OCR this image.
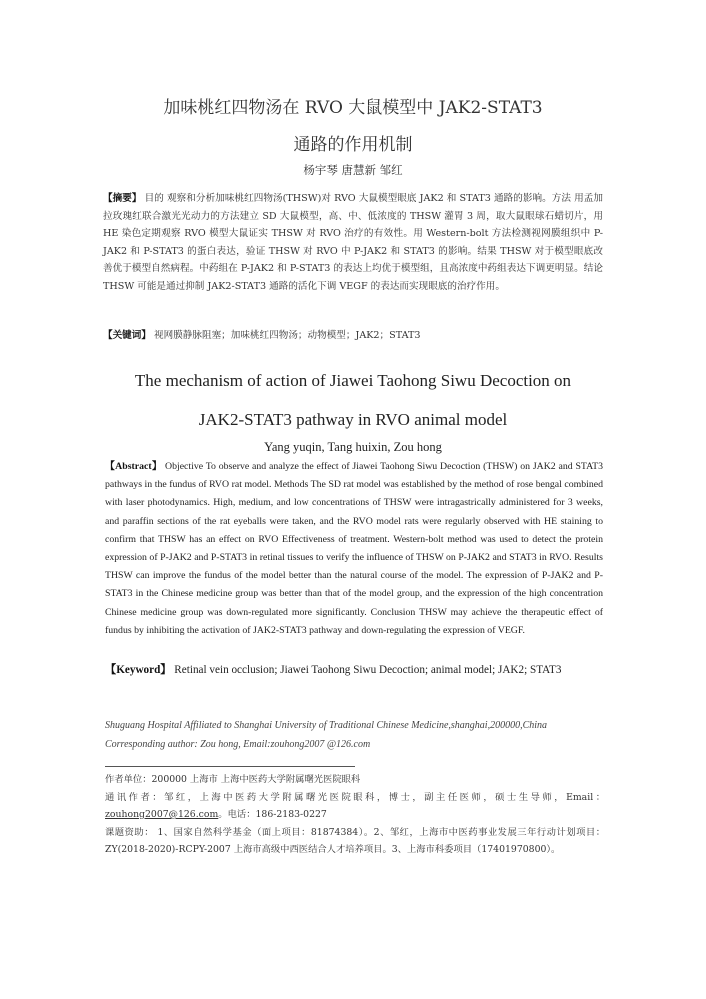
加味桃红四物汤在 RVO 大鼠模型中 JAK2-STAT3
通路的作用机制
杨宇琴 唐慧新 邹红
【摘要】 目的 观察和分析加味桃红四物汤(THSW)对 RVO 大鼠模型眼底 JAK2 和 STAT3 通路的影响。方法 用孟加拉玫瑰红联合激光光动力的方法建立 SD 大鼠模型，高、中、低浓度的 THSW 灌胃 3 周，取大鼠眼球石蜡切片，用 HE 染色定期观察 RVO 模型大鼠证实 THSW 对 RVO 治疗的有效性。用 Western-bolt 方法检测视网膜组织中 P-JAK2 和 P-STAT3 的蛋白表达，验证 THSW 对 RVO 中 P-JAK2 和 STAT3 的影响。结果 THSW 对于模型眼底改善优于模型自然病程。中药组在 P-JAK2 和 P-STAT3 的表达上均优于模型组，且高浓度中药组表达下调更明显。结论 THSW 可能是通过抑制 JAK2-STAT3 通路的活化下调 VEGF 的表达而实现眼底的治疗作用。
【关键词】 视网膜静脉阻塞；加味桃红四物汤；动物模型；JAK2；STAT3
The mechanism of action of Jiawei Taohong Siwu Decoction on
JAK2-STAT3 pathway in RVO animal model
Yang yuqin, Tang huixin, Zou hong
【Abstract】 Objective To observe and analyze the effect of Jiawei Taohong Siwu Decoction (THSW) on JAK2 and STAT3 pathways in the fundus of RVO rat model. Methods The SD rat model was established by the method of rose bengal combined with laser photodynamics. High, medium, and low concentrations of THSW were intragastrically administered for 3 weeks, and paraffin sections of the rat eyeballs were taken, and the RVO model rats were regularly observed with HE staining to confirm that THSW has an effect on RVO Effectiveness of treatment. Western-bolt method was used to detect the protein expression of P-JAK2 and P-STAT3 in retinal tissues to verify the influence of THSW on P-JAK2 and STAT3 in RVO. Results THSW can improve the fundus of the model better than the natural course of the model. The expression of P-JAK2 and P-STAT3 in the Chinese medicine group was better than that of the model group, and the expression of the high concentration Chinese medicine group was down-regulated more significantly. Conclusion THSW may achieve the therapeutic effect of fundus by inhibiting the activation of JAK2-STAT3 pathway and down-regulating the expression of VEGF.
【Keyword】 Retinal vein occlusion; Jiawei Taohong Siwu Decoction; animal model; JAK2; STAT3
Shuguang Hospital Affiliated to Shanghai University of Traditional Chinese Medicine,shanghai,200000,China
Corresponding author: Zou hong, Email:zouhong2007 @126.com
作者单位：200000 上海市 上海中医药大学附属曙光医院眼科
通讯作者：邹红，上海中医药大学附属曙光医院眼科，博士，副主任医师，硕士生导师，Email：zouhong2007@126.com。电话：186-2183-0227
课题资助： 1、国家自然科学基金（面上项目：81874384）。2、邹红，上海市中医药事业发展三年行动计划项目：ZY(2018-2020)-RCPY-2007 上海市高级中西医结合人才培养项目。3、上海市科委项目（17401970800）。
